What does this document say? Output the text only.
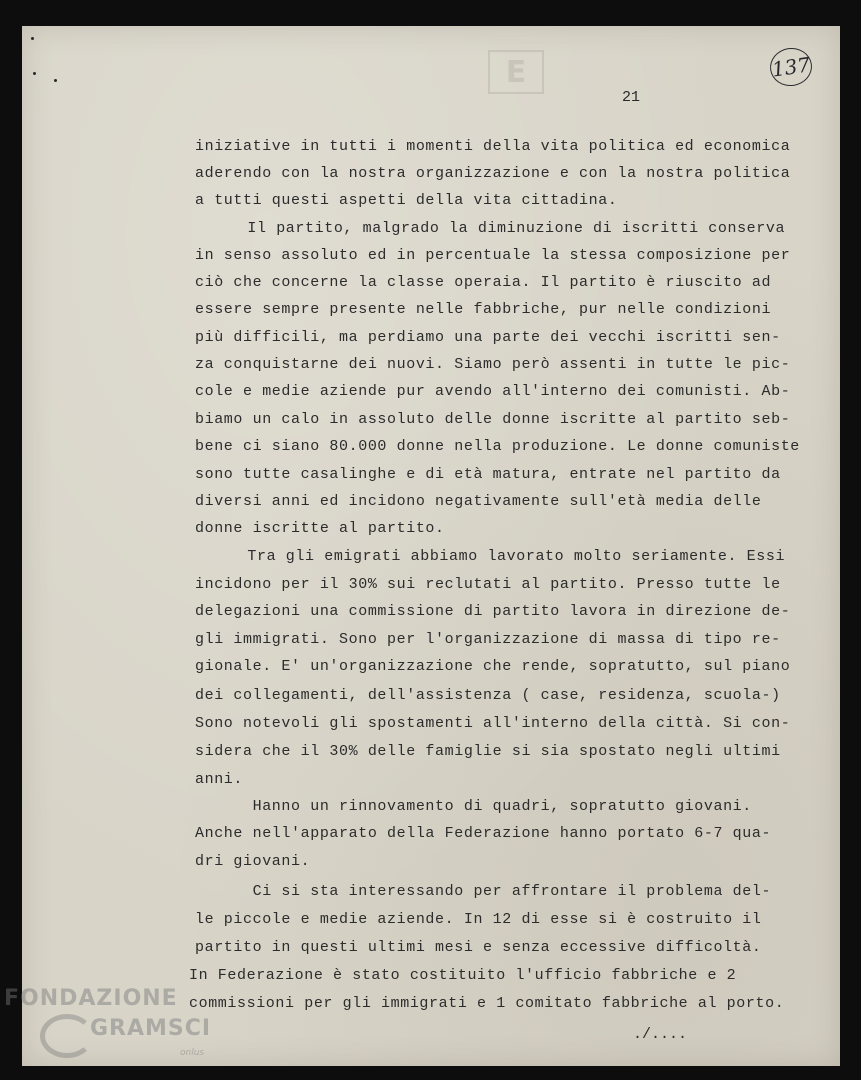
E	137
21
iniziative in tutti i momenti della vita politica ed economica
aderendo con la nostra organizzazione e con la nostra politica
a tutti questi aspetti della vita cittadina.
Il partito, malgrado la diminuzione di iscritti conserva
in senso assoluto ed in percentuale la stessa composizione per
ciò che concerne la classe operaia. Il partito è riuscito ad
essere sempre presente nelle fabbriche, pur nelle condizioni
più difficili, ma perdiamo una parte dei vecchi iscritti sen-
za conquistarne dei nuovi. Siamo però assenti in tutte le pic-
cole e medie aziende pur avendo all'interno dei comunisti. Ab-
biamo un calo in assoluto delle donne iscritte al partito seb-
bene ci siano 80.000 donne nella produzione. Le donne comuniste
sono tutte casalinghe e di età matura, entrate nel partito da
diversi anni ed incidono negativamente sull'età media delle
donne iscritte al partito.
Tra gli emigrati abbiamo lavorato molto seriamente. Essi
incidono per il 30% sui reclutati al partito. Presso tutte le
delegazioni una commissione di partito lavora in direzione de-
gli immigrati. Sono per l'organizzazione di massa di tipo re-
gionale. E' un'organizzazione che rende, sopratutto, sul piano
dei collegamenti, dell'assistenza ( case, residenza, scuola-)
Sono notevoli gli spostamenti all'interno della città. Si con-
sidera che il 30% delle famiglie si sia spostato negli ultimi
anni.
Hanno un rinnovamento di quadri, sopratutto giovani.
Anche nell'apparato della Federazione hanno portato 6-7 qua-
dri giovani.
Ci si sta interessando per affrontare il problema del-
le piccole e medie aziende. In 12 di esse si è costruito il
partito in questi ultimi mesi e senza eccessive difficoltà.
In Federazione è stato costituito l'ufficio fabbriche e 2
commissioni per gli immigrati e 1 comitato fabbriche al porto.
./....
FONDAZIONE
GRAMSCI
onlus
